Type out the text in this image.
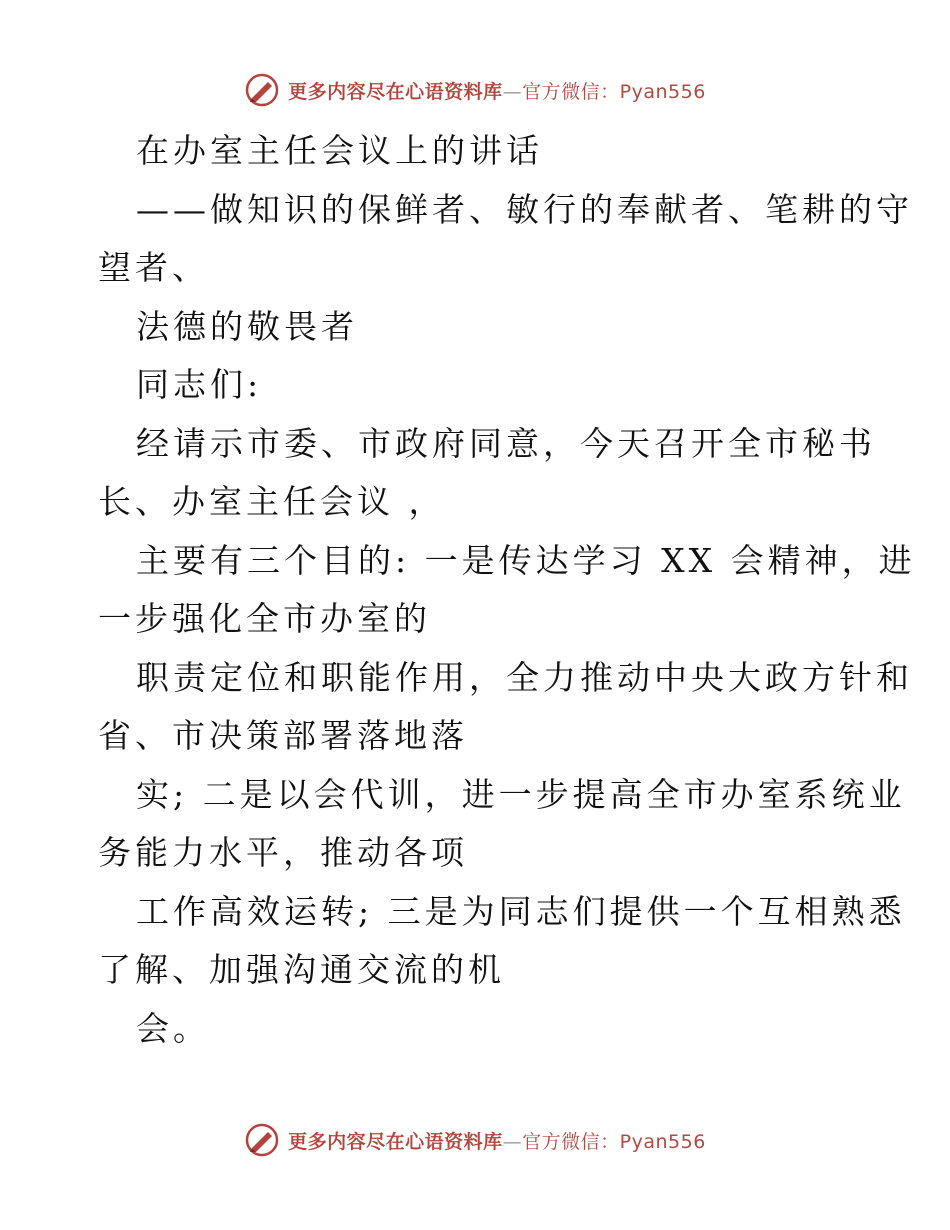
更多内容尽在心语资料库—官方微信：Pyan556
在办室主任会议上的讲话
——做知识的保鲜者、敏行的奉献者、笔耕的守
望者、
法德的敬畏者
同志们:
经请示市委、市政府同意，今天召开全市秘书
长、办室主任会议 ，
主要有三个目的: 一是传达学习 XX 会精神，进
一步强化全市办室的
职责定位和职能作用，全力推动中央大政方针和
省、市决策部署落地落
实; 二是以会代训，进一步提高全市办室系统业
务能力水平，推动各项
工作高效运转; 三是为同志们提供一个互相熟悉
了解、加强沟通交流的机
会。
更多内容尽在心语资料库—官方微信：Pyan556
